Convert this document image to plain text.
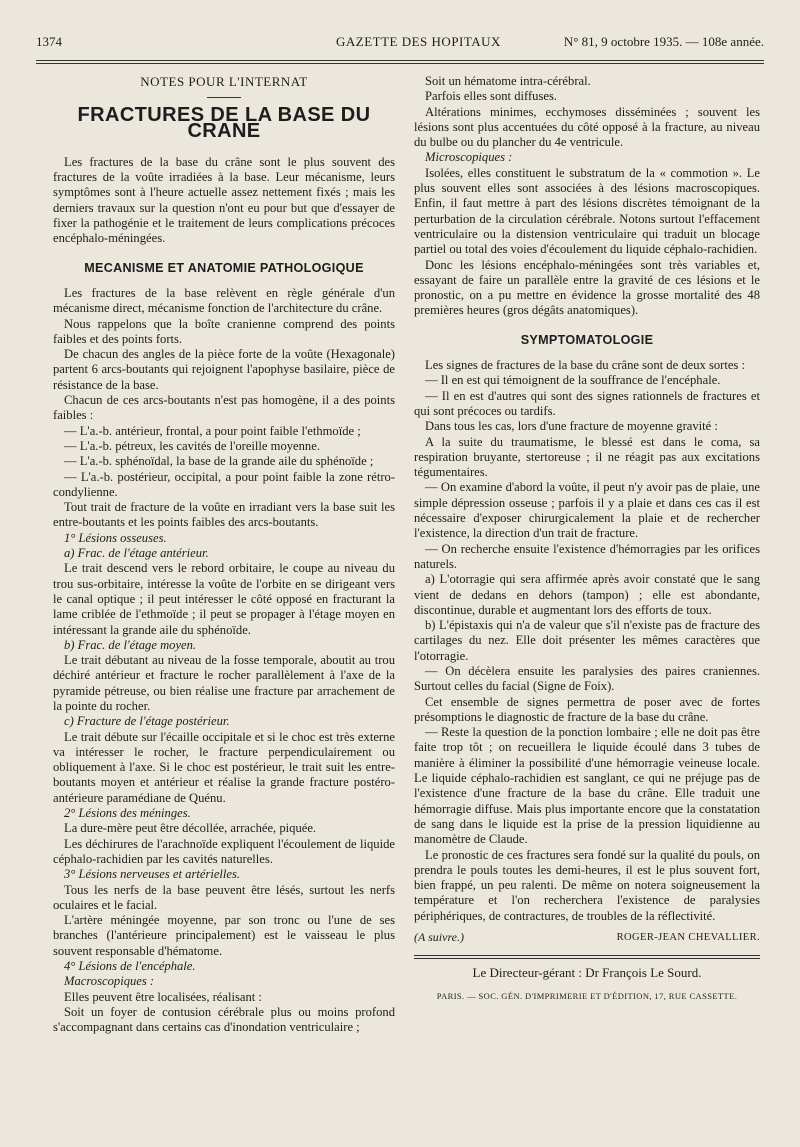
1374	GAZETTE DES HOPITAUX	N° 81, 9 octobre 1935. — 108e année.

NOTES POUR L'INTERNAT

FRACTURES DE LA BASE DU CRANE

Les fractures de la base du crâne sont le plus souvent des fractures de la voûte irradiées à la base. Leur mécanisme, leurs symptômes sont à l'heure actuelle assez nettement fixés ; mais les derniers travaux sur la question n'ont eu pour but que d'essayer de fixer la pathogénie et le traitement de leurs complications précoces encéphalo-méningées.

MECANISME ET ANATOMIE PATHOLOGIQUE

Les fractures de la base relèvent en règle générale d'un mécanisme direct, mécanisme fonction de l'architecture du crâne.

Nous rappelons que la boîte cranienne comprend des points faibles et des points forts.

De chacun des angles de la pièce forte de la voûte (Hexagonale) partent 6 arcs-boutants qui rejoignent l'apophyse basilaire, pièce de résistance de la base.

Chacun de ces arcs-boutants n'est pas homogène, il a des points faibles :

— L'a.-b. antérieur, frontal, a pour point faible l'ethmoïde ;

— L'a.-b. pétreux, les cavités de l'oreille moyenne.

— L'a.-b. sphénoïdal, la base de la grande aile du sphénoïde ;

— L'a.-b. postérieur, occipital, a pour point faible la zone rétro-condylienne.

Tout trait de fracture de la voûte en irradiant vers la base suit les entre-boutants et les points faibles des arcs-boutants.

1° Lésions osseuses.

a) Frac. de l'étage antérieur.

Le trait descend vers le rebord orbitaire, le coupe au niveau du trou sus-orbitaire, intéresse la voûte de l'orbite en se dirigeant vers le canal optique ; il peut intéresser le côté opposé en fracturant la lame criblée de l'ethmoïde ; il peut se propager à l'étage moyen en intéressant la grande aile du sphénoïde.

b) Frac. de l'étage moyen.

Le trait débutant au niveau de la fosse temporale, aboutit au trou déchiré antérieur et fracture le rocher parallèlement à l'axe de la pyramide pétreuse, ou bien réalise une fracture par arrachement de la pointe du rocher.

c) Fracture de l'étage postérieur.

Le trait débute sur l'écaille occipitale et si le choc est très externe va intéresser le rocher, le fracture perpendiculairement ou obliquement à l'axe. Si le choc est postérieur, le trait suit les entre-boutants moyen et antérieur et réalise la grande fracture postéro-antérieure paramédiane de Quénu.

2° Lésions des méninges.

La dure-mère peut être décollée, arrachée, piquée.

Les déchirures de l'arachnoïde expliquent l'écoulement de liquide céphalo-rachidien par les cavités naturelles.

3° Lésions nerveuses et artérielles.

Tous les nerfs de la base peuvent être lésés, surtout les nerfs oculaires et le facial.

L'artère méningée moyenne, par son tronc ou l'une de ses branches (l'antérieure principalement) est le vaisseau le plus souvent responsable d'hématome.

4° Lésions de l'encéphale.

Macroscopiques :

Elles peuvent être localisées, réalisant :

Soit un foyer de contusion cérébrale plus ou moins profond s'accompagnant dans certains cas d'inondation ventriculaire ;

Soit un hématome intra-cérébral.

Parfois elles sont diffuses.

Altérations minimes, ecchymoses disséminées ; souvent les lésions sont plus accentuées du côté opposé à la fracture, au niveau du bulbe ou du plancher du 4e ventricule.

Microscopiques :

Isolées, elles constituent le substratum de la « commotion ». Le plus souvent elles sont associées à des lésions macroscopiques. Enfin, il faut mettre à part des lésions discrètes témoignant de la perturbation de la circulation cérébrale. Notons surtout l'effacement ventriculaire ou la distension ventriculaire qui traduit un blocage partiel ou total des voies d'écoulement du liquide céphalo-rachidien.

Donc les lésions encéphalo-méningées sont très variables et, essayant de faire un parallèle entre la gravité de ces lésions et le pronostic, on a pu mettre en évidence la grosse mortalité des 48 premières heures (gros dégâts anatomiques).

SYMPTOMATOLOGIE

Les signes de fractures de la base du crâne sont de deux sortes :

— Il en est qui témoignent de la souffrance de l'encéphale.

— Il en est d'autres qui sont des signes rationnels de fractures et qui sont précoces ou tardifs.

Dans tous les cas, lors d'une fracture de moyenne gravité :

A la suite du traumatisme, le blessé est dans le coma, sa respiration bruyante, stertoreuse ; il ne réagit pas aux excitations tégumentaires.

— On examine d'abord la voûte, il peut n'y avoir pas de plaie, une simple dépression osseuse ; parfois il y a plaie et dans ces cas il est nécessaire d'exposer chirurgicalement la plaie et de rechercher l'existence, la direction d'un trait de fracture.

— On recherche ensuite l'existence d'hémorragies par les orifices naturels.

a) L'otorragie qui sera affirmée après avoir constaté que le sang vient de dedans en dehors (tampon) ; elle est abondante, discontinue, durable et augmentant lors des efforts de toux.

b) L'épistaxis qui n'a de valeur que s'il n'existe pas de fracture des cartilages du nez. Elle doit présenter les mêmes caractères que l'otorragie.

— On décèlera ensuite les paralysies des paires craniennes. Surtout celles du facial (Signe de Foix).

Cet ensemble de signes permettra de poser avec de fortes présomptions le diagnostic de fracture de la base du crâne.

— Reste la question de la ponction lombaire ; elle ne doit pas être faite trop tôt ; on recueillera le liquide écoulé dans 3 tubes de manière à éliminer la possibilité d'une hémorragie veineuse locale. Le liquide céphalo-rachidien est sanglant, ce qui ne préjuge pas de l'existence d'une fracture de la base du crâne. Elle traduit une hémorragie diffuse. Mais plus importante encore que la constatation de sang dans le liquide est la prise de la pression liquidienne au manomètre de Claude.

Le pronostic de ces fractures sera fondé sur la qualité du pouls, on prendra le pouls toutes les demi-heures, il est le plus souvent fort, bien frappé, un peu ralenti. De même on notera soigneusement la température et l'on recherchera l'existence de paralysies périphériques, de contractures, de troubles de la réflectivité.

(A suivre.)	ROGER-JEAN CHEVALLIER.
Le Directeur-gérant : Dr François Le Sourd.
PARIS. — SOC. GÉN. D'IMPRIMERIE ET D'ÉDITION, 17, RUE CASSETTE.
